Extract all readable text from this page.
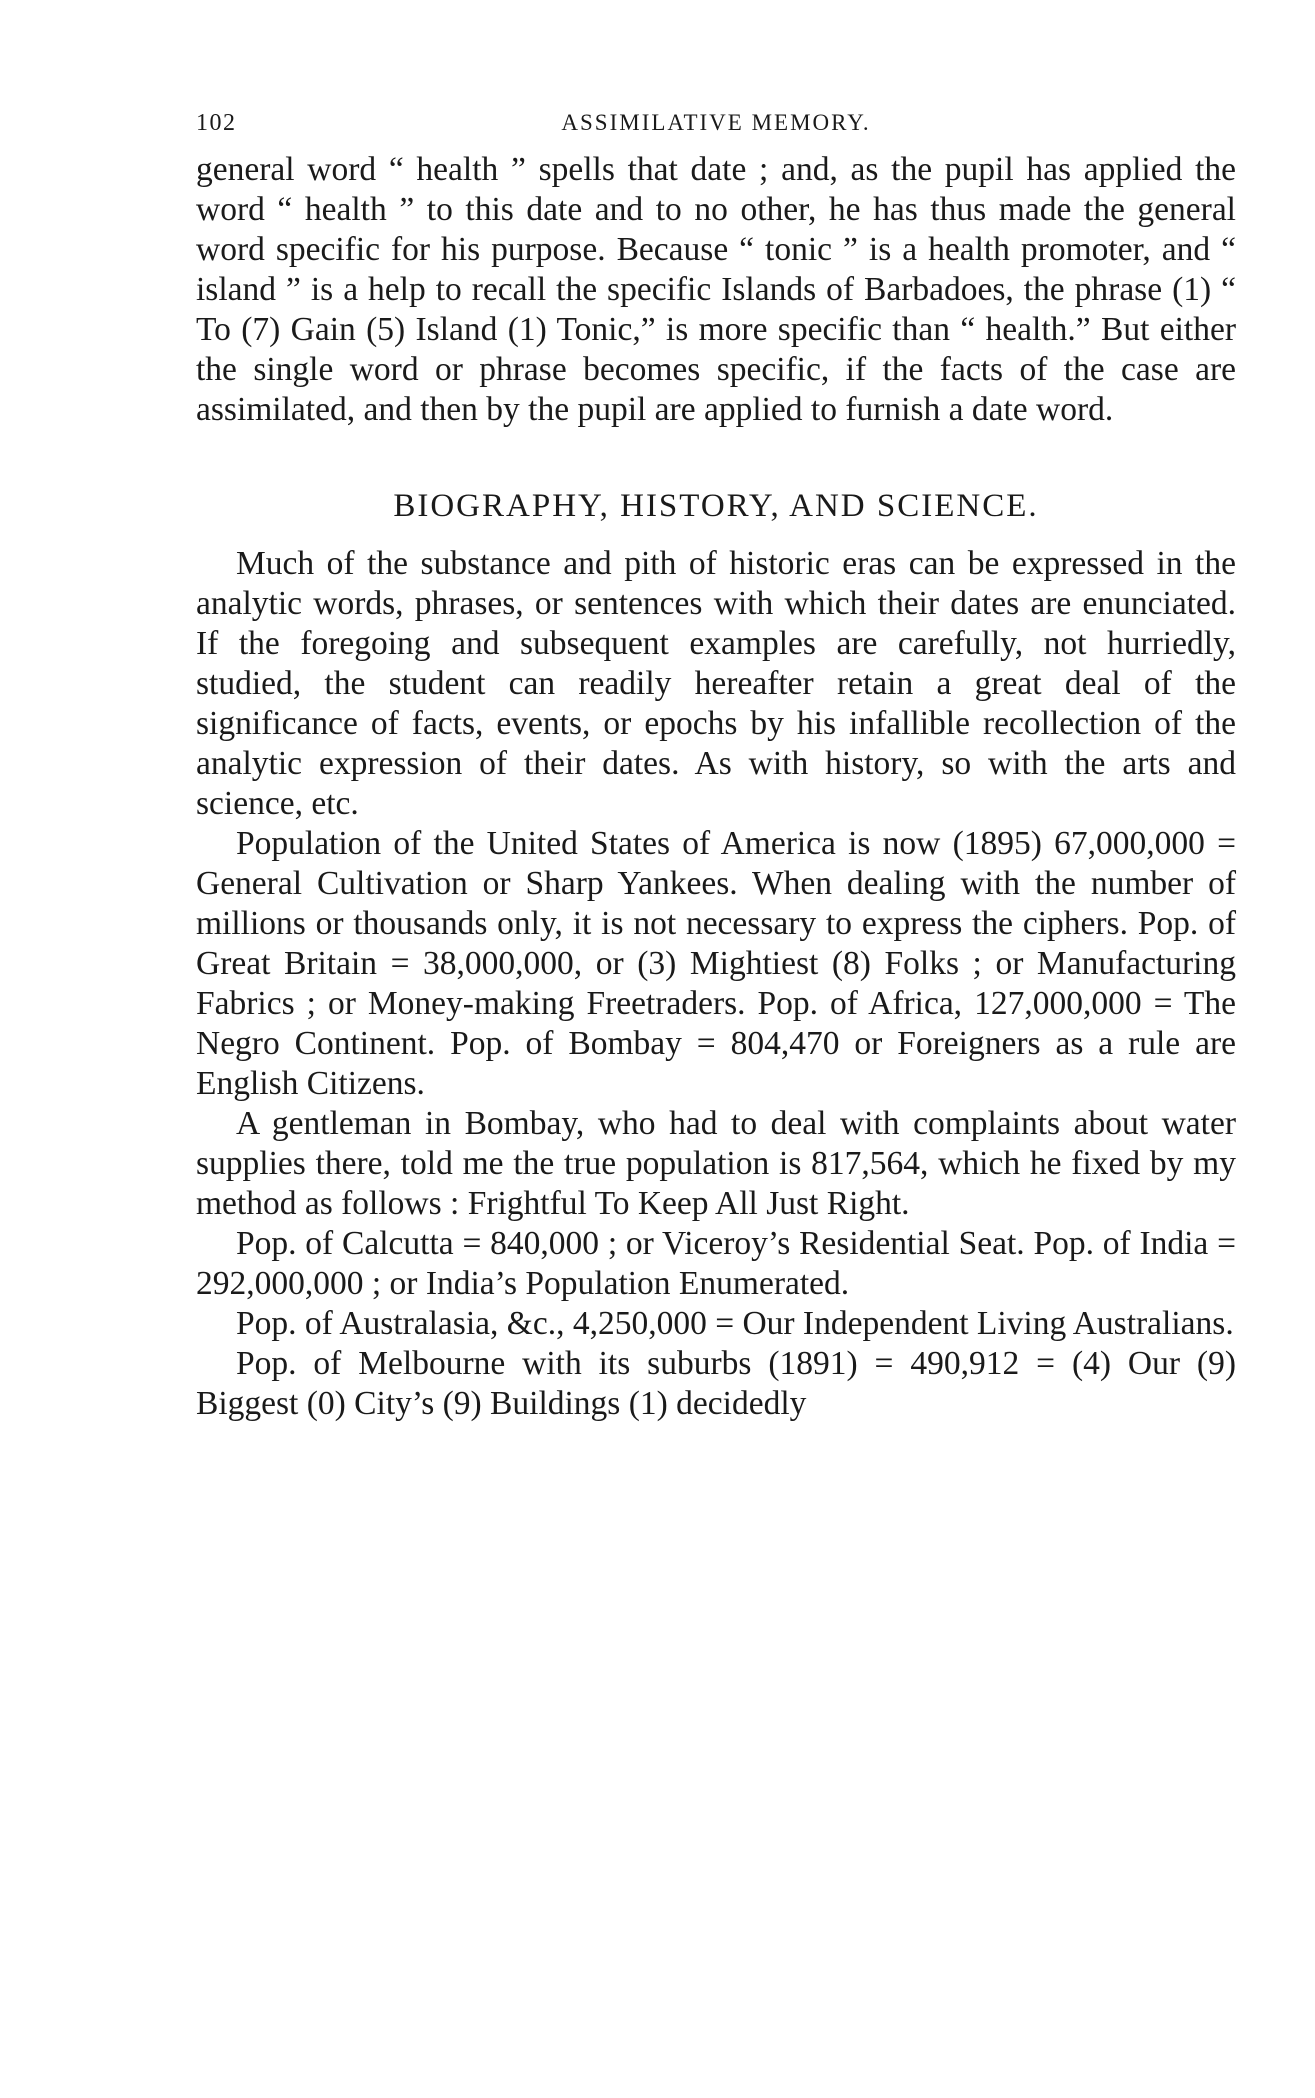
102	ASSIMILATIVE MEMORY.

general word “ health ” spells that date ; and, as the pupil has applied the word “ health ” to this date and to no other, he has thus made the general word specific for his purpose. Because “ tonic ” is a health promoter, and “ island ” is a help to recall the specific Islands of Barbadoes, the phrase (1) “ To (7) Gain (5) Island (1) Tonic,” is more specific than “ health.” But either the single word or phrase becomes specific, if the facts of the case are assimilated, and then by the pupil are applied to furnish a date word.

BIOGRAPHY, HISTORY, AND SCIENCE.

Much of the substance and pith of historic eras can be expressed in the analytic words, phrases, or sentences with which their dates are enunciated. If the foregoing and subsequent examples are carefully, not hurriedly, studied, the student can readily hereafter retain a great deal of the significance of facts, events, or epochs by his infallible recollection of the analytic expression of their dates. As with history, so with the arts and science, etc.

Population of the United States of America is now (1895) 67,000,000 = General Cultivation or Sharp Yankees. When dealing with the number of millions or thousands only, it is not necessary to express the ciphers. Pop. of Great Britain = 38,000,000, or (3) Mightiest (8) Folks ; or Manufacturing Fabrics ; or Money-making Freetraders. Pop. of Africa, 127,000,000 = The Negro Continent. Pop. of Bombay = 804,470 or Foreigners as a rule are English Citizens.

A gentleman in Bombay, who had to deal with complaints about water supplies there, told me the true population is 817,564, which he fixed by my method as follows : Frightful To Keep All Just Right.

Pop. of Calcutta = 840,000 ; or Viceroy’s Residential Seat. Pop. of India = 292,000,000 ; or India’s Population Enumerated.

Pop. of Australasia, &c., 4,250,000 = Our Independent Living Australians.

Pop. of Melbourne with its suburbs (1891) = 490,912 = (4) Our (9) Biggest (0) City’s (9) Buildings (1) decidedly
